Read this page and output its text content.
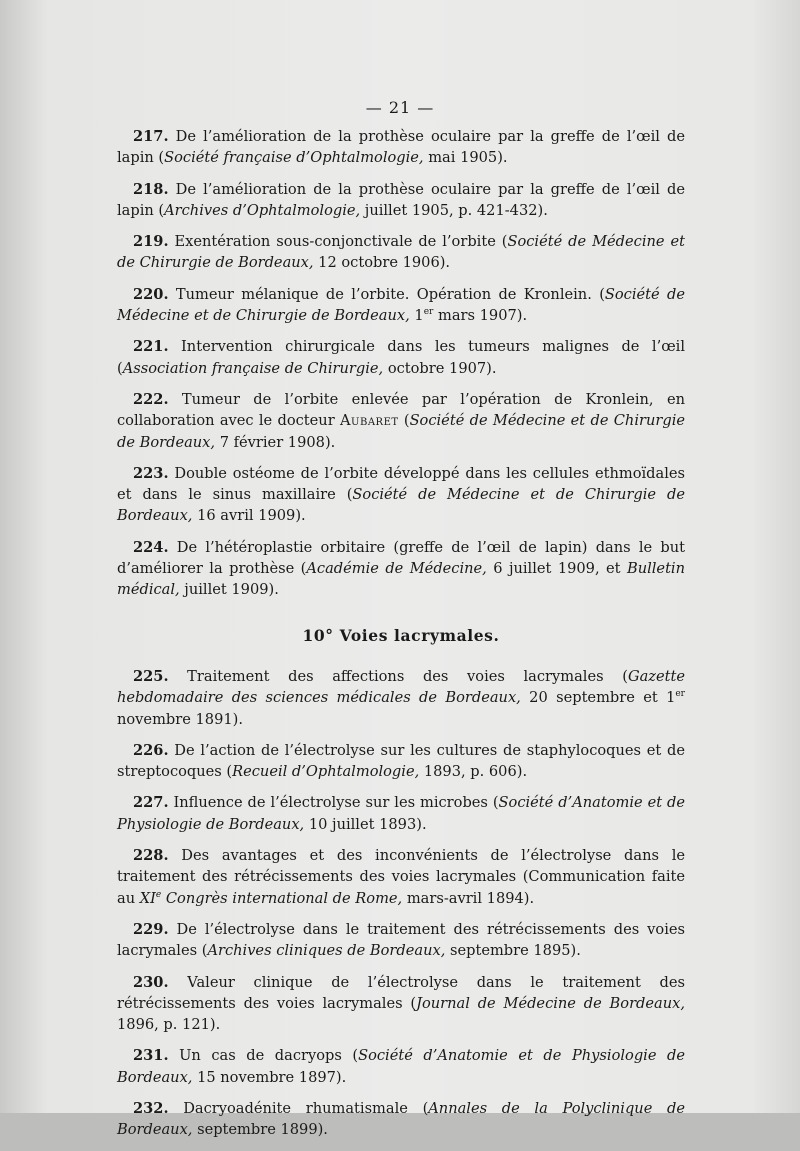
— 21 —

217. De l’amélioration de la prothèse oculaire par la greffe de l’œil de lapin (Société française d’Ophtalmologie, mai 1905).

218. De l’amélioration de la prothèse oculaire par la greffe de l’œil de lapin (Archives d’Ophtalmologie, juillet 1905, p. 421-432).

219. Exentération sous-conjonctivale de l’orbite (Société de Médecine et de Chirurgie de Bordeaux, 12 octobre 1906).

220. Tumeur mélanique de l’orbite. Opération de Kronlein. (Société de Médecine et de Chirurgie de Bordeaux, 1er mars 1907).

221. Intervention chirurgicale dans les tumeurs malignes de l’œil (Association française de Chirurgie, octobre 1907).

222. Tumeur de l’orbite enlevée par l’opération de Kronlein, en collaboration avec le docteur Aubaret (Société de Médecine et de Chirurgie de Bordeaux, 7 février 1908).

223. Double ostéome de l’orbite développé dans les cellules ethmoïdales et dans le sinus maxillaire (Société de Médecine et de Chirurgie de Bordeaux, 16 avril 1909).

224. De l’hétéroplastie orbitaire (greffe de l’œil de lapin) dans le but d’améliorer la prothèse (Académie de Médecine, 6 juillet 1909, et Bulletin médical, juillet 1909).

10° Voies lacrymales.

225. Traitement des affections des voies lacrymales (Gazette hebdomadaire des sciences médicales de Bordeaux, 20 septembre et 1er novembre 1891).

226. De l’action de l’électrolyse sur les cultures de staphylocoques et de streptocoques (Recueil d’Ophtalmologie, 1893, p. 606).

227. Influence de l’électrolyse sur les microbes (Société d’Anatomie et de Physiologie de Bordeaux, 10 juillet 1893).

228. Des avantages et des inconvénients de l’électrolyse dans le traitement des rétrécissements des voies lacrymales (Communication faite au XIe Congrès international de Rome, mars-avril 1894).

229. De l’électrolyse dans le traitement des rétrécissements des voies lacrymales (Archives cliniques de Bordeaux, septembre 1895).

230. Valeur clinique de l’électrolyse dans le traitement des rétrécissements des voies lacrymales (Journal de Médecine de Bordeaux, 1896, p. 121).

231. Un cas de dacryops (Société d’Anatomie et de Physiologie de Bordeaux, 15 novembre 1897).

232. Dacryoadénite rhumatismale (Annales de la Polyclinique de Bordeaux, septembre 1899).
